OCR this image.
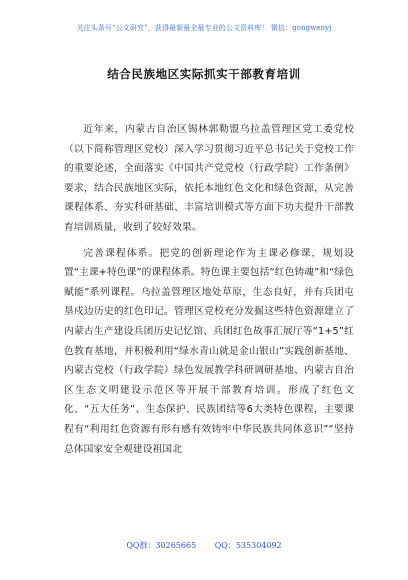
关注头条号“公文研究”，获得最新最全最专业的公文资料库！ 微信：gongwenyj
结合民族地区实际抓实干部教育培训

近年来，内蒙古自治区锡林郭勒盟乌拉盖管理区党工委党校（以下简称管理区党校）深入学习贯彻习近平总书记关于党校工作的重要论述，全面落实《中国共产党党校（行政学院）工作条例》要求，结合民族地区实际，依托本地红色文化和绿色资源，从完善课程体系、夯实科研基础、丰富培训模式等方面下功夫提升干部教育培训质量，收到了较好效果。

完善课程体系。把党的创新理论作为主课必修课，规划设置“主课+特色课”的课程体系。特色课主要包括“红色铸魂”和“绿色赋能”系列课程。乌拉盖管理区地处草原，生态良好，并有兵团屯垦戍边历史的红色印记。管理区党校充分发掘这些特色资源建立了内蒙古生产建设兵团历史记忆馆、兵团红色故事汇展厅等“1+5”红色教育基地，并积极利用“绿水青山就是金山银山”实践创新基地、内蒙古党校（行政学院）绿色发展教学科研调研基地、内蒙古自治区生态文明建设示范区等开展干部教育培训。形成了红色文化、“五大任务”、生态保护、民族团结等6大类特色课程，主要课程有“利用红色资源有形有感有效铸牢中华民族共同体意识”“坚持总体国家安全观建设祖国北

QQ群：30265665 QQ：535304092
